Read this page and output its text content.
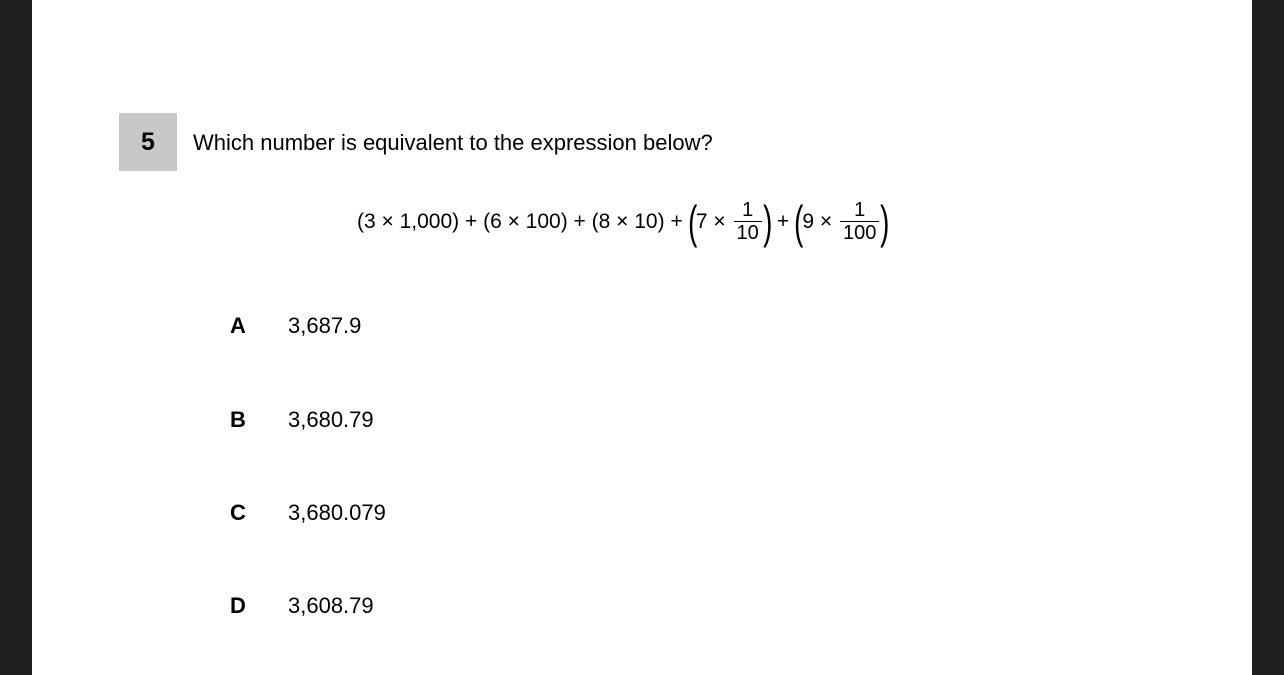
5 Which number is equivalent to the expression below?
(3 × 1,000) + (6 × 100) + (8 × 10) + ( $7 \times \frac{1}{10}$ ) + ( $9 \times \frac{1}{100}$ )
A	3,687.9
B	3,680.79
C	3,680.079
D	3,608.79
